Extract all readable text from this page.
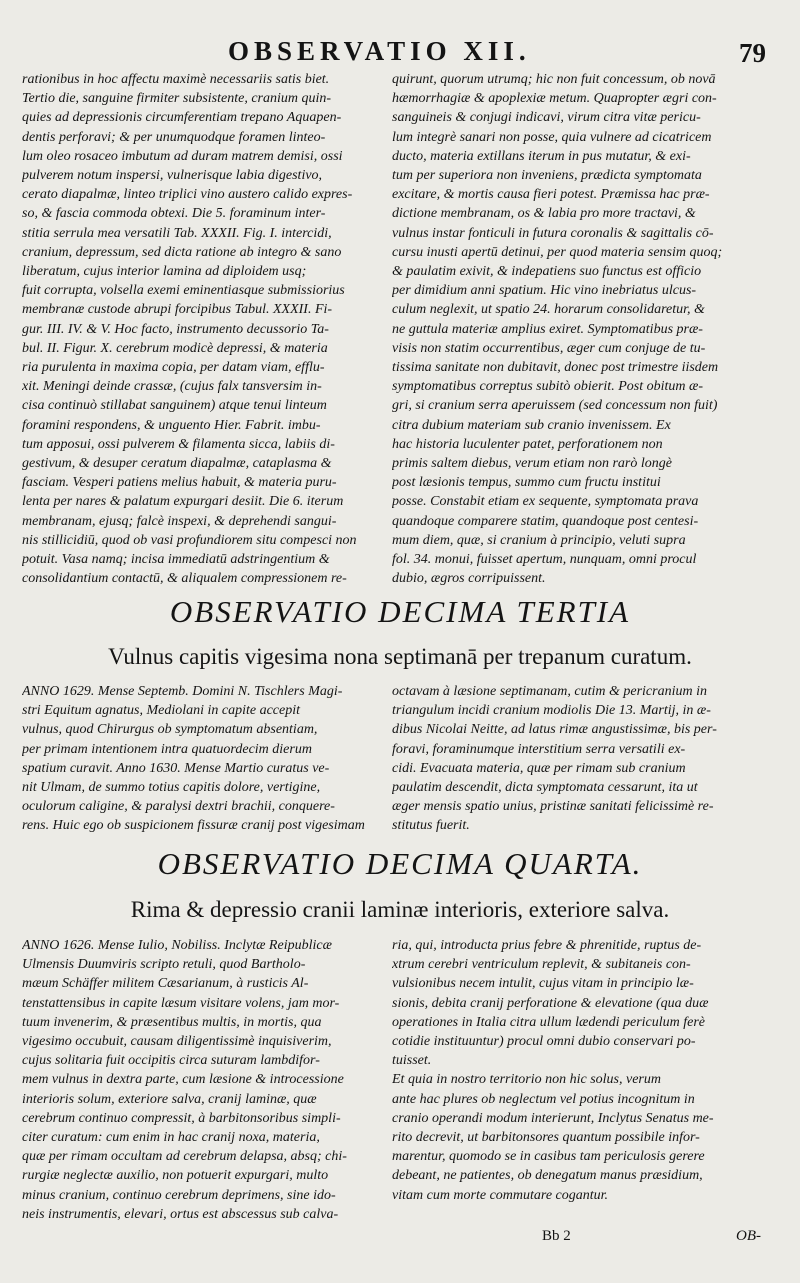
OBSERVATIO XII.	79
rationibus in hoc affectu maximè necessariis satis biet.
Tertio die, sanguine firmiter subsistente, cranium quin-
quies ad depressionis circumferentiam trepano Aquapen-
dentis perforavi; & per unumquodque foramen linteo-
lum oleo rosaceo imbutum ad duram matrem demisi, ossi
pulverem notum inspersi, vulnerisque labia digestivo,
cerato diapalmæ, linteo triplici vino austero calido expres-
so, & fascia commoda obtexi. Die 5. foraminum inter-
stitia serrula mea versatili Tab. XXXII. Fig. I. intercidi,
cranium, depressum, sed dicta ratione ab integro & sano
liberatum, cujus interior lamina ad diploidem usq;
fuit corrupta, volsella exemi eminentiasque submissiorius
membranæ custode abrupi forcipibus Tabul. XXXII. Fi-
gur. III. IV. & V. Hoc facto, instrumento decussorio Ta-
bul. II. Figur. X. cerebrum modicè depressi, & materia
ria purulenta in maxima copia, per datam viam, efflu-
xit. Meningi deinde crassæ, (cujus falx tansversim in-
cisa continuò stillabat sanguinem) atque tenui linteum
foramini respondens, & unguento Hier. Fabrit. imbu-
tum apposui, ossi pulverem & filamenta sicca, labiis di-
gestivum, & desuper ceratum diapalmæ, cataplasma &
fasciam. Vesperi patiens melius habuit, & materia puru-
lenta per nares & palatum expurgari desiit. Die 6. iterum
membranam, ejusq; falcè inspexi, & deprehendi sangui-
nis stillicidiū, quod ob vasi profundiorem situ compesci non
potuit. Vasa namq; incisa immediatū adstringentium &
consolidantium contactū, & aliqualem compressionem re-
quirunt, quorum utrumq; hic non fuit concessum, ob novā
hæmorrhagiæ & apoplexiæ metum. Quapropter ægri con-
sanguineis & conjugi indicavi, virum citra vitæ pericu-
lum integrè sanari non posse, quia vulnere ad cicatricem
ducto, materia extillans iterum in pus mutatur, & exi-
tum per superiora non inveniens, prædicta symptomata
excitare, & mortis causa fieri potest. Præmissa hac præ-
dictione membranam, os & labia pro more tractavi, &
vulnus instar fonticuli in futura coronalis & sagittalis cō-
cursu inusti apertū detinui, per quod materia sensim quoq;
& paulatim exivit, & indepatiens suo functus est officio
per dimidium anni spatium. Hic vino inebriatus ulcus-
culum neglexit, ut spatio 24. horarum consolidaretur, &
ne guttula materiæ amplius exiret. Symptomatibus præ-
visis non statim occurrentibus, æger cum conjuge de tu-
tissima sanitate non dubitavit, donec post trimestre iisdem
symptomatibus correptus subitò obierit. Post obitum æ-
gri, si cranium serra aperuissem (sed concessum non fuit)
citra dubium materiam sub cranio invenissem. Ex
hac historia luculenter patet, perforationem non
primis saltem diebus, verum etiam non rarò longè
post læsionis tempus, summo cum fructu institui
posse. Constabit etiam ex sequente, symptomata prava
quandoque comparere statim, quandoque post centesi-
mum diem, quæ, si cranium à principio, veluti supra
fol. 34. monui, fuisset apertum, nunquam, omni procul
dubio, ægros corripuissent.
OBSERVATIO DECIMA TERTIA
Vulnus capitis vigesima nona septimanā per trepanum curatum.
ANNO 1629. Mense Septemb. Domini N. Tischlers Magi-
stri Equitum agnatus, Mediolani in capite accepit
vulnus, quod Chirurgus ob symptomatum absentiam,
per primam intentionem intra quatuordecim dierum
spatium curavit. Anno 1630. Mense Martio curatus ve-
nit Ulmam, de summo totius capitis dolore, vertigine,
oculorum caligine, & paralysi dextri brachii, conquere-
rens. Huic ego ob suspicionem fissuræ cranij post vigesimam
octavam à læsione septimanam, cutim & pericranium in
triangulum incidi cranium modiolis Die 13. Martij, in æ-
dibus Nicolai Neitte, ad latus rimæ angustissimæ, bis per-
foravi, foraminumque interstitium serra versatili ex-
cidi. Evacuata materia, quæ per rimam sub cranium
paulatim descendit, dicta symptomata cessarunt, ita ut
æger mensis spatio unius, pristinæ sanitati felicissimè re-
stitutus fuerit.
OBSERVATIO DECIMA QUARTA.
Rima & depressio cranii laminæ interioris, exteriore salva.
ANNO 1626. Mense Iulio, Nobiliss. Inclytæ Reipublicæ
Ulmensis Duumviris scripto retuli, quod Bartholo-
mæum Schäffer militem Cæsarianum, à rusticis Al-
tenstattensibus in capite læsum visitare volens, jam mor-
tuum invenerim, & præsentibus multis, in mortis, qua
vigesimo occubuit, causam diligentissimè inquisiverim,
cujus solitaria fuit occipitis circa suturam lambdifor-
mem vulnus in dextra parte, cum læsione & introcessione
interioris solum, exteriore salva, cranij laminæ, quæ
cerebrum continuo compressit, à barbitonsoribus simpli-
citer curatum: cum enim in hac cranij noxa, materia,
quæ per rimam occultam ad cerebrum delapsa, absq; chi-
rurgiæ neglectæ auxilio, non potuerit expurgari, multo
minus cranium, continuo cerebrum deprimens, sine ido-
neis instrumentis, elevari, ortus est abscessus sub calva-
ria, qui, introducta prius febre & phrenitide, ruptus de-
xtrum cerebri ventriculum replevit, & subitaneis con-
vulsionibus necem intulit, cujus vitam in principio læ-
sionis, debita cranij perforatione & elevatione (qua duæ
operationes in Italia citra ullum lædendi periculum ferè
cotidie instituuntur) procul omni dubio conservari po-
tuisset.
Et quia in nostro territorio non hic solus, verum
ante hac plures ob neglectum vel potius incognitum in
cranio operandi modum interierunt, Inclytus Senatus me-
rito decrevit, ut barbitonsores quantum possibile infor-
marentur, quomodo se in casibus tam periculosis gerere
debeant, ne patientes, ob denegatum manus præsidium,
vitam cum morte commutare cogantur.
Bb 2	OB-
